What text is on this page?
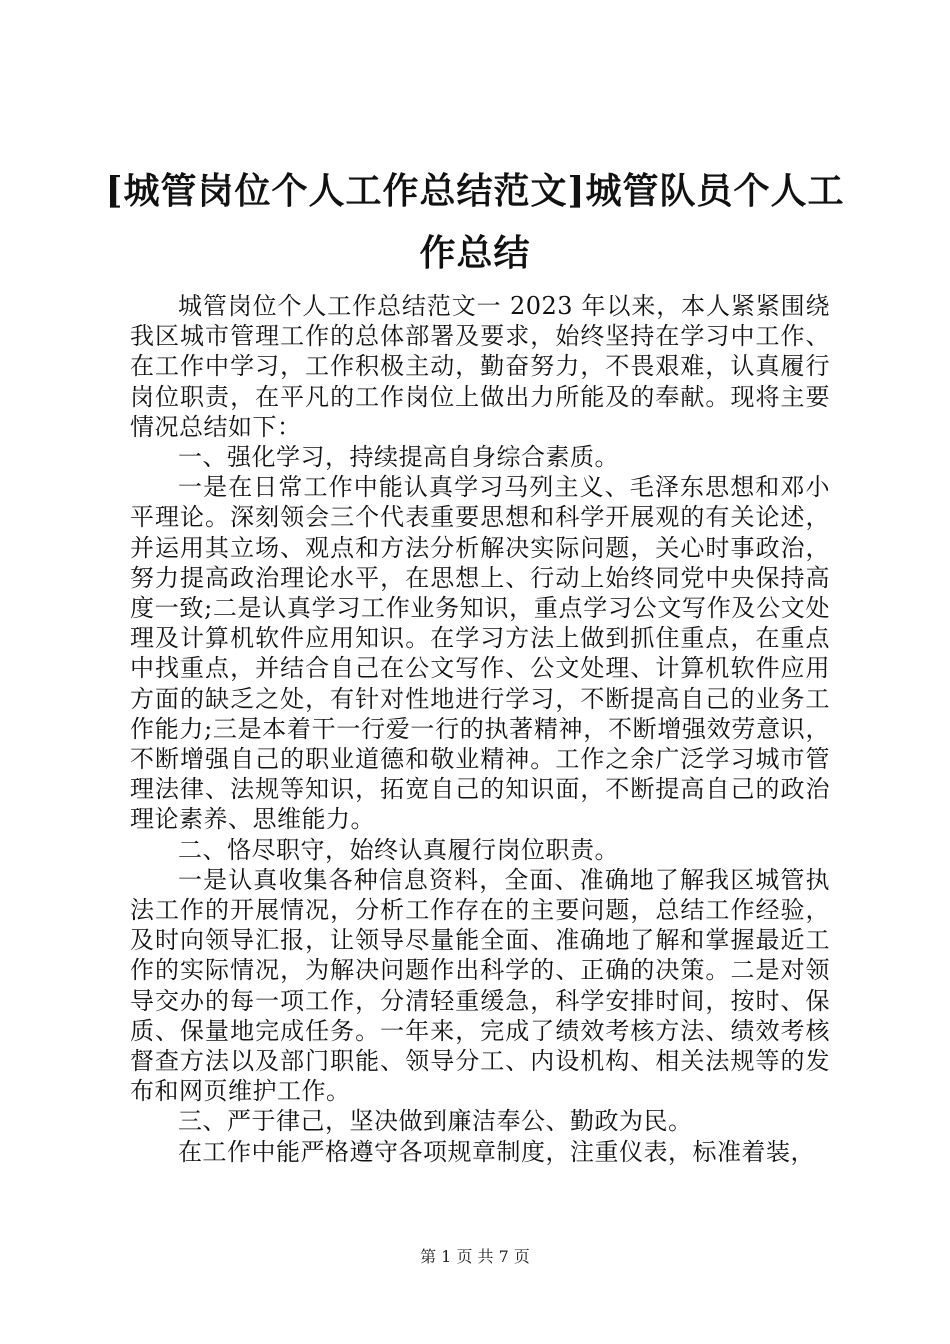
[城管岗位个人工作总结范文]城管队员个人工作总结

城管岗位个人工作总结范文一 2023 年以来，本人紧紧围绕我区城市管理工作的总体部署及要求，始终坚持在学习中工作、在工作中学习，工作积极主动，勤奋努力，不畏艰难，认真履行岗位职责，在平凡的工作岗位上做出力所能及的奉献。现将主要情况总结如下：

一、强化学习，持续提高自身综合素质。

一是在日常工作中能认真学习马列主义、毛泽东思想和邓小平理论。深刻领会三个代表重要思想和科学开展观的有关论述，并运用其立场、观点和方法分析解决实际问题，关心时事政治，努力提高政治理论水平，在思想上、行动上始终同党中央保持高度一致;二是认真学习工作业务知识，重点学习公文写作及公文处理及计算机软件应用知识。在学习方法上做到抓住重点，在重点中找重点，并结合自己在公文写作、公文处理、计算机软件应用方面的缺乏之处，有针对性地进行学习，不断提高自己的业务工作能力;三是本着干一行爱一行的执著精神，不断增强效劳意识，不断增强自己的职业道德和敬业精神。工作之余广泛学习城市管理法律、法规等知识，拓宽自己的知识面，不断提高自己的政治理论素养、思维能力。

二、恪尽职守，始终认真履行岗位职责。

一是认真收集各种信息资料，全面、准确地了解我区城管执法工作的开展情况，分析工作存在的主要问题，总结工作经验，及时向领导汇报，让领导尽量能全面、准确地了解和掌握最近工作的实际情况，为解决问题作出科学的、正确的决策。二是对领导交办的每一项工作，分清轻重缓急，科学安排时间，按时、保质、保量地完成任务。一年来，完成了绩效考核方法、绩效考核督查方法以及部门职能、领导分工、内设机构、相关法规等的发布和网页维护工作。

三、严于律己，坚决做到廉洁奉公、勤政为民。

在工作中能严格遵守各项规章制度，注重仪表，标准着装，

第 1 页 共 7 页
